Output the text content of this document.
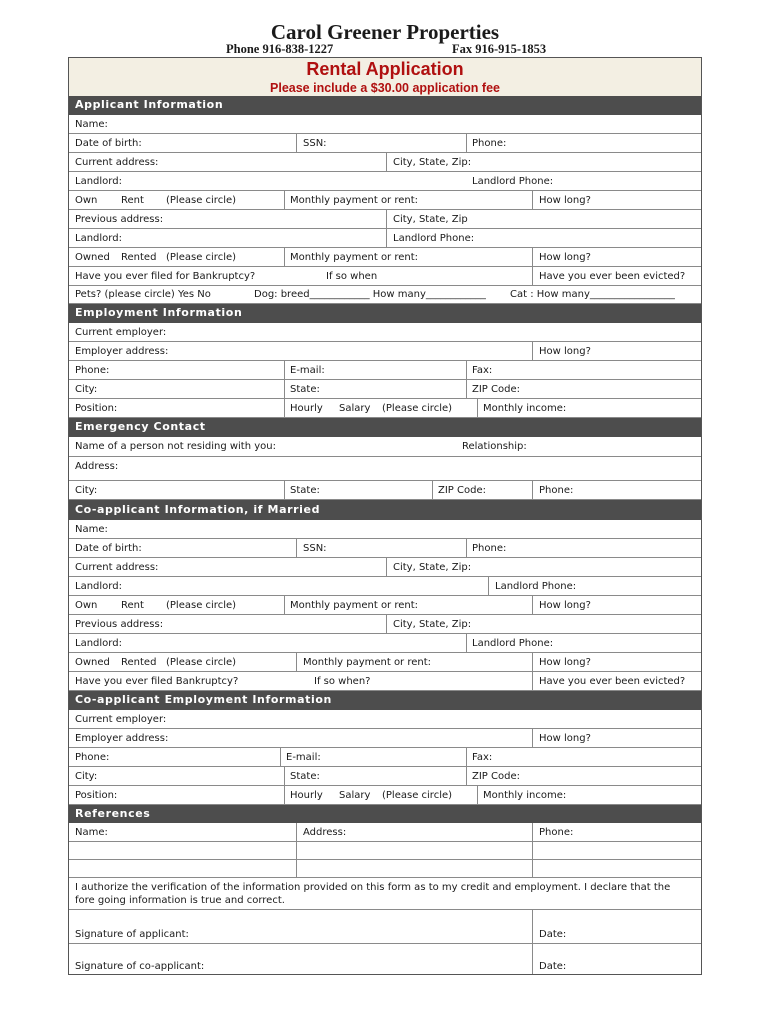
Carol Greener Properties
Phone 916-838-1227	Fax 916-915-1853
Rental Application
Please include a $30.00 application fee
Applicant Information
Name:
Date of birth:	SSN:	Phone:
Current address:	City, State, Zip:
Landlord:	Landlord Phone:
Own Rent (Please circle)	Monthly payment or rent:	How long?
Previous address:	City, State, Zip
Landlord:	Landlord Phone:
Owned Rented (Please circle)	Monthly payment or rent:	How long?
Have you ever filed for Bankruptcy?	If so when	Have you ever been evicted?
Pets? (please circle) Yes No	Dog: breed____________ How many____________ Cat : How many_________________
Employment Information
Current employer:
Employer address:	How long?
Phone:	E-mail:	Fax:
City:	State:	ZIP Code:
Position:	Hourly Salary (Please circle)	Monthly income:
Emergency Contact
Name of a person not residing with you:	Relationship:
Address:
City:	State:	ZIP Code:	Phone:
Co-applicant Information, if Married
Name:
Date of birth:	SSN:	Phone:
Current address:	City, State, Zip:
Landlord:	Landlord Phone:
Own Rent (Please circle)	Monthly payment or rent:	How long?
Previous address:	City, State, Zip:
Landlord:	Landlord Phone:
Owned Rented (Please circle)	Monthly payment or rent:	How long?
Have you ever filed Bankruptcy?	If so when?	Have you ever been evicted?
Co-applicant Employment Information
Current employer:
Employer address:	How long?
Phone:	E-mail:	Fax:
City:	State:	ZIP Code:
Position:	Hourly Salary (Please circle)	Monthly income:
References
Name:	Address:	Phone:
I authorize the verification of the information provided on this form as to my credit and employment. I declare that the fore going information is true and correct.
Signature of applicant:	Date:
Signature of co-applicant:	Date:
